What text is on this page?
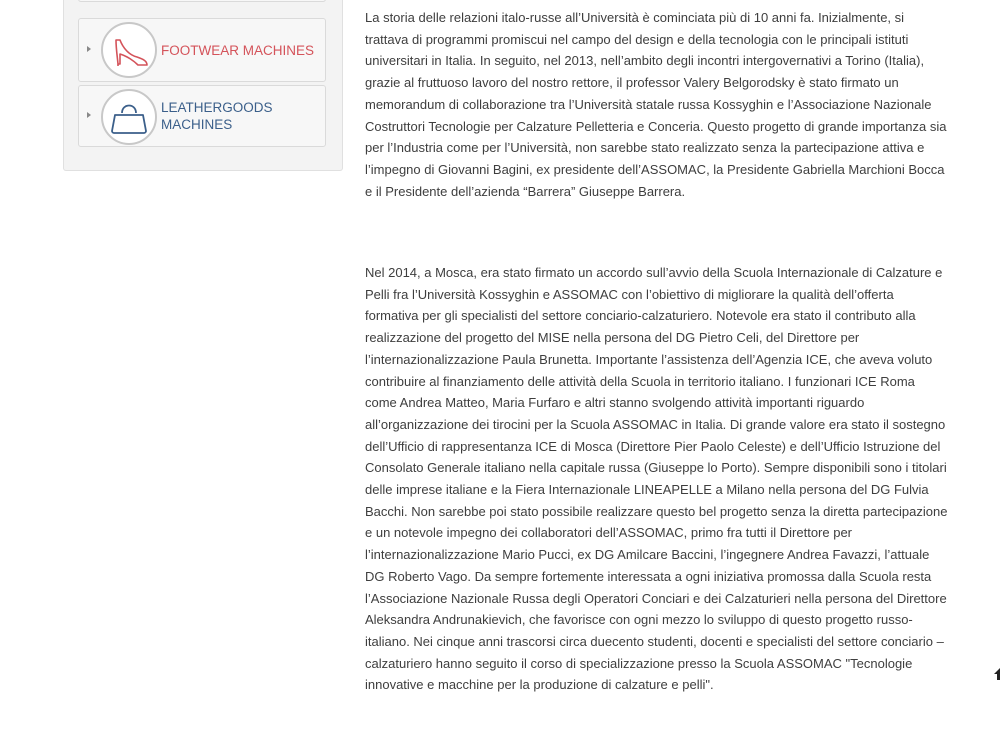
FOOTWEAR MACHINES
LEATHERGOODS
MACHINES

La storia delle relazioni italo-russe all’Università è cominciata più di 10 anni fa. Inizialmente, si trattava di programmi promiscui nel campo del design e della tecnologia con le principali istituti universitari in Italia. In seguito, nel 2013, nell’ambito degli incontri intergovernativi a Torino (Italia), grazie al fruttuoso lavoro del nostro rettore, il professor Valery Belgorodsky è stato firmato un memorandum di collaborazione tra l’Università statale russa Kossyghin e l’Associazione Nazionale Costruttori Tecnologie per Calzature Pelletteria e Conceria. Questo progetto di grande importanza sia per l’Industria come per l’Università, non sarebbe stato realizzato senza la partecipazione attiva e l’impegno di Giovanni Bagini, ex presidente dell’ASSOMAC, la Presidente Gabriella Marchioni Bocca e il Presidente dell’azienda “Barrera” Giuseppe Barrera.

Nel 2014, a Mosca, era stato firmato un accordo sull’avvio della Scuola Internazionale di Calzature e Pelli fra l’Università Kossyghin e ASSOMAC con l’obiettivo di migliorare la qualità dell’offerta formativa per gli specialisti del settore conciario-calzaturiero. Notevole era stato il contributo alla realizzazione del progetto del MISE nella persona del DG Pietro Celi, del Direttore per l’internazionalizzazione Paula Brunetta. Importante l’assistenza dell’Agenzia ICE, che aveva voluto contribuire al finanziamento delle attività della Scuola in territorio italiano. I funzionari ICE Roma come Andrea Matteo, Maria Furfaro e altri stanno svolgendo attività importanti riguardo all’organizzazione dei tirocini per la Scuola ASSOMAC in Italia. Di grande valore era stato il sostegno dell’Ufficio di rappresentanza ICE di Mosca (Direttore Pier Paolo Celeste) e dell’Ufficio Istruzione del Consolato Generale italiano nella capitale russa (Giuseppe lo Porto). Sempre disponibili sono i titolari delle imprese italiane e la Fiera Internazionale LINEAPELLE a Milano nella persona del DG Fulvia Bacchi. Non sarebbe poi stato possibile realizzare questo bel progetto senza la diretta partecipazione e un notevole impegno dei collaboratori dell’ASSOMAC, primo fra tutti il Direttore per l’internazionalizzazione Mario Pucci, ex DG Amilcare Baccini, l’ingegnere Andrea Favazzi, l’attuale DG Roberto Vago. Da sempre fortemente interessata a ogni iniziativa promossa dalla Scuola resta l’Associazione Nazionale Russa degli Operatori Conciari e dei Calzaturieri nella persona del Direttore Aleksandra Andrunakievich, che favorisce con ogni mezzo lo sviluppo di questo progetto russo-italiano. Nei cinque anni trascorsi circa duecento studenti, docenti e specialisti del settore conciario –calzaturiero hanno seguito il corso di specializzazione presso la Scuola ASSOMAC "Tecnologie innovative e macchine per la produzione di calzature e pelli".
